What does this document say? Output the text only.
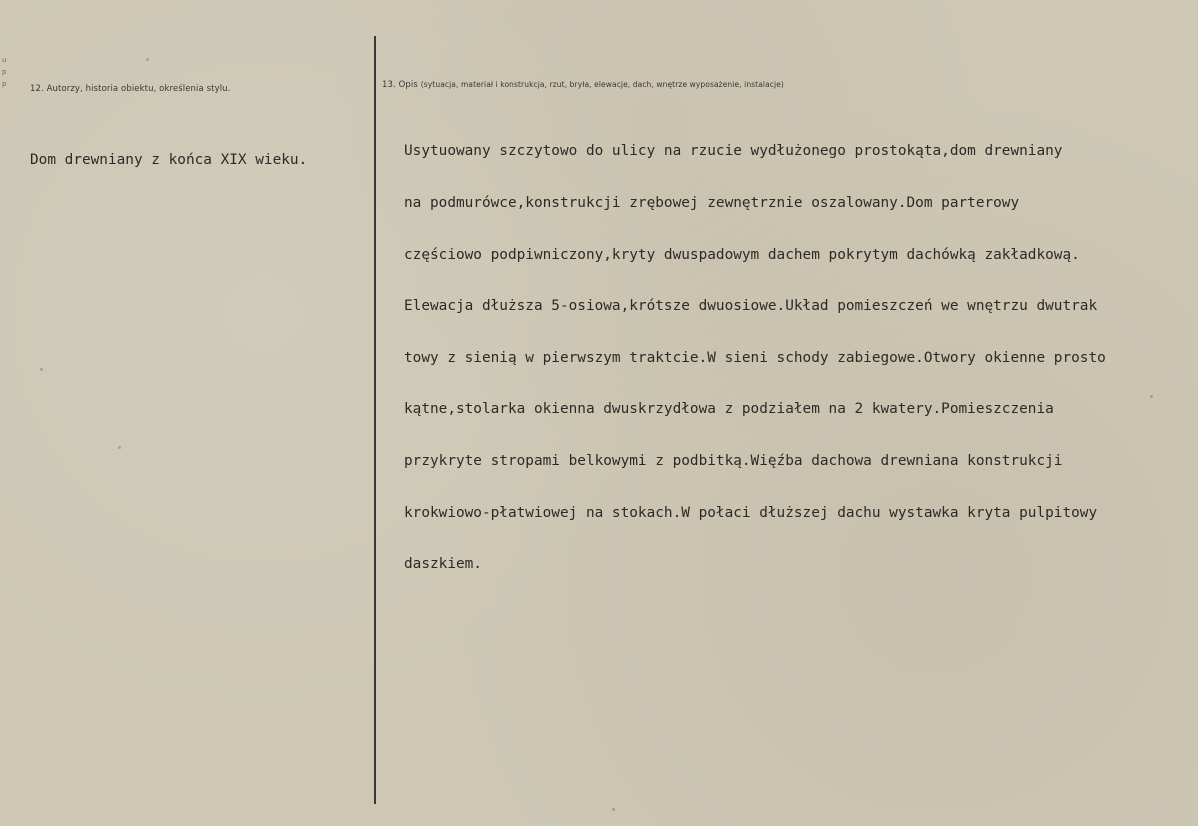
u
p
p	12. Autorzy, historia obiektu, określenia stylu.

Dom drewniany z końca XIX wieku.

13. Opis (sytuacja, materiał i konstrukcja, rzut, bryła, elewacje, dach, wnętrze wyposażenie, instalacje)

Usytuowany szczytowo do ulicy na rzucie wydłużonego prostokąta,dom drewniany

na podmurówce,konstrukcji zrębowej zewnętrznie oszalowany.Dom parterowy

częściowo podpiwniczony,kryty dwuspadowym dachem pokrytym dachówką zakładkową.

Elewacja dłuższa 5-osiowa,krótsze dwuosiowe.Układ pomieszczeń we wnętrzu dwutrak

towy z sienią w pierwszym traktcie.W sieni schody zabiegowe.Otwory okienne prosto

kątne,stolarka okienna dwuskrzydłowa z podziałem na 2 kwatery.Pomieszczenia

przykryte stropami belkowymi z podbitką.Więźba dachowa drewniana konstrukcji

krokwiowo-płatwiowej na stokach.W połaci dłuższej dachu wystawka kryta pulpitowy

daszkiem.
